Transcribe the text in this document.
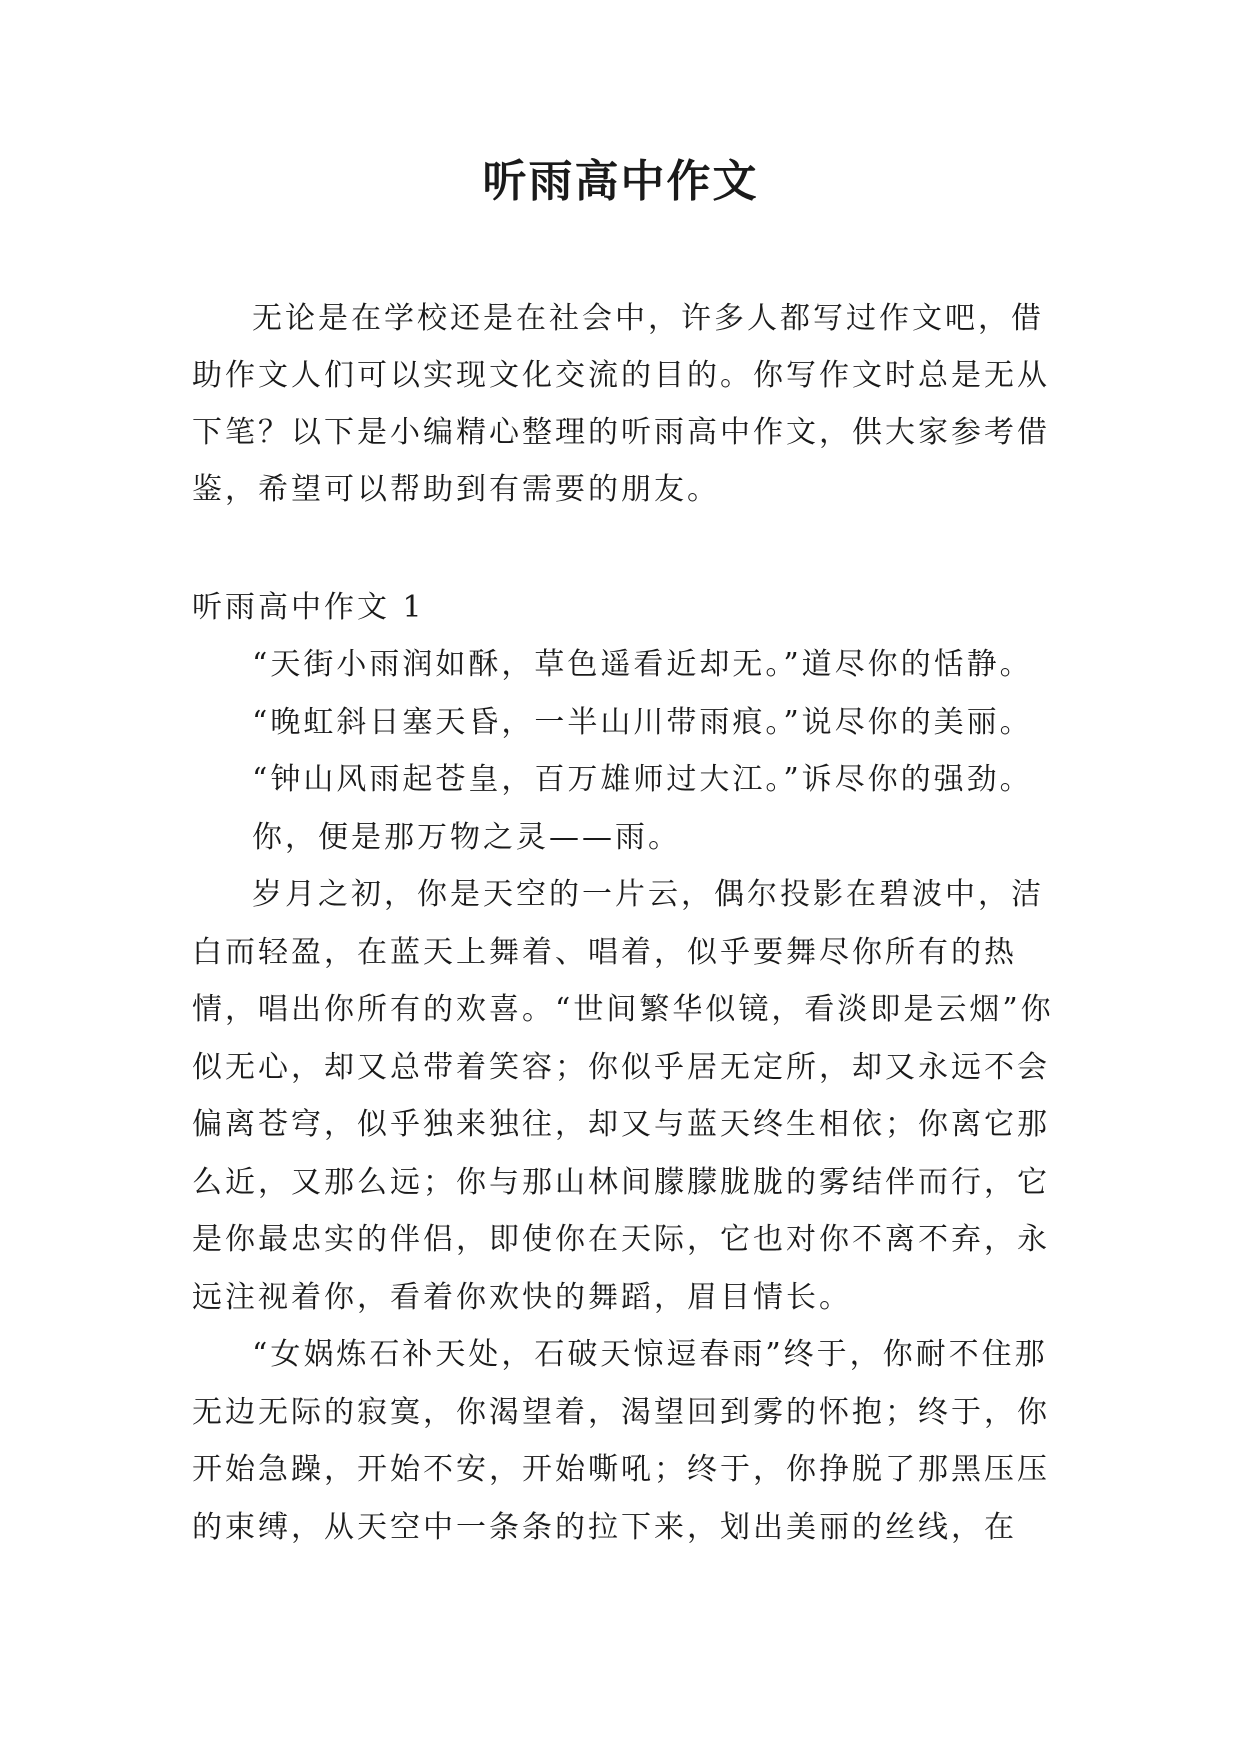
听雨高中作文

无论是在学校还是在社会中，许多人都写过作文吧，借助作文人们可以实现文化交流的目的。你写作文时总是无从下笔？以下是小编精心整理的听雨高中作文，供大家参考借鉴，希望可以帮助到有需要的朋友。

听雨高中作文 1

“天街小雨润如酥，草色遥看近却无。”道尽你的恬静。

“晚虹斜日塞天昏，一半山川带雨痕。”说尽你的美丽。

“钟山风雨起苍皇，百万雄师过大江。”诉尽你的强劲。

你，便是那万物之灵——雨。

岁月之初，你是天空的一片云，偶尔投影在碧波中，洁白而轻盈，在蓝天上舞着、唱着，似乎要舞尽你所有的热情，唱出你所有的欢喜。“世间繁华似镜，看淡即是云烟”你似无心，却又总带着笑容；你似乎居无定所，却又永远不会偏离苍穹，似乎独来独往，却又与蓝天终生相依；你离它那么近，又那么远；你与那山林间朦朦胧胧的雾结伴而行，它是你最忠实的伴侣，即使你在天际，它也对你不离不弃，永远注视着你，看着你欢快的舞蹈，眉目情长。

“女娲炼石补天处，石破天惊逗春雨”终于，你耐不住那无边无际的寂寞，你渴望着，渴望回到雾的怀抱；终于，你开始急躁，开始不安，开始嘶吼；终于，你挣脱了那黑压压的束缚，从天空中一条条的拉下来，划出美丽的丝线，在
